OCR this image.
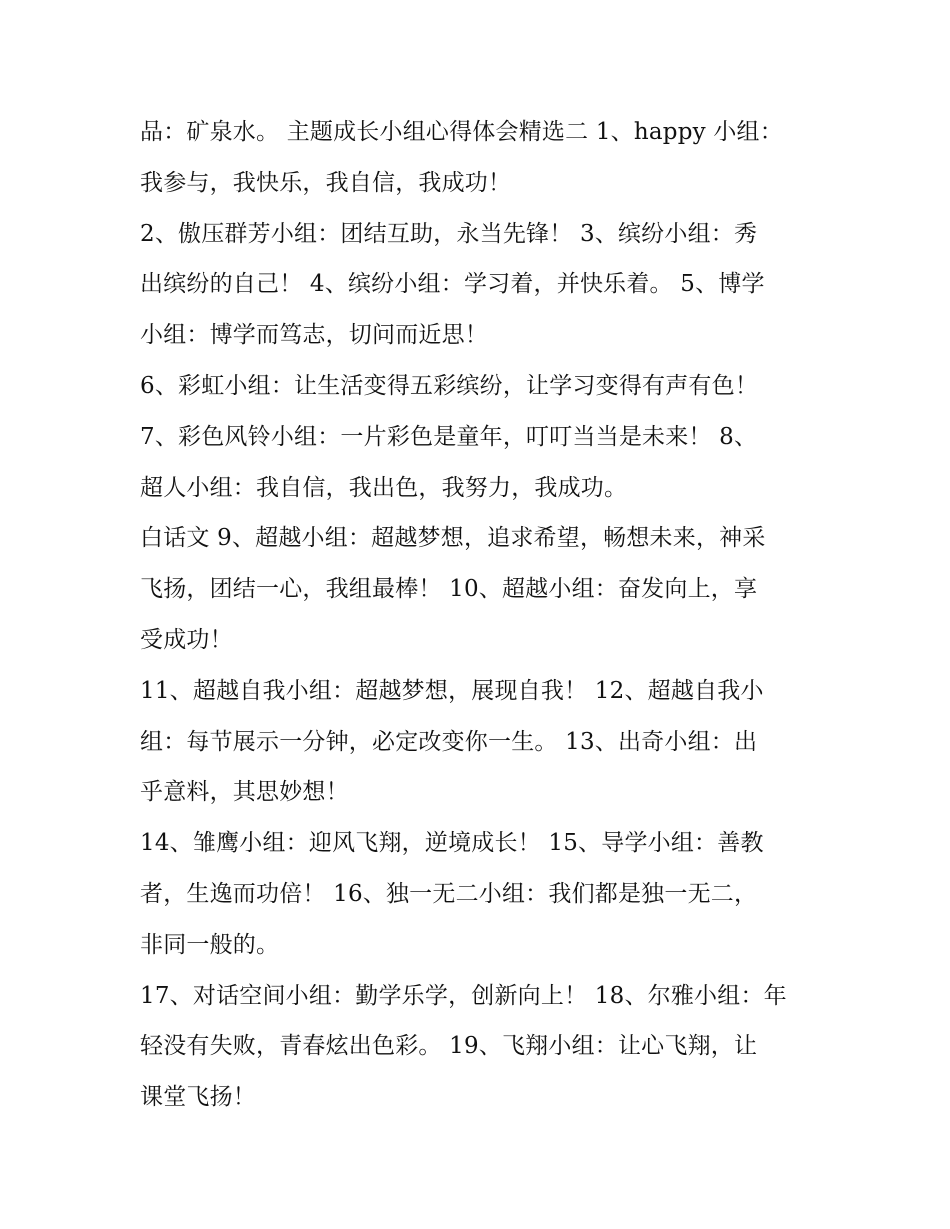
品：矿泉水。 主题成长小组心得体会精选二 1、happy 小组：
我参与，我快乐，我自信，我成功！

2、傲压群芳小组：团结互助，永当先锋！ 3、缤纷小组：秀
出缤纷的自己！ 4、缤纷小组：学习着，并快乐着。 5、博学
小组：博学而笃志，切问而近思！

6、彩虹小组：让生活变得五彩缤纷，让学习变得有声有色！

7、彩色风铃小组：一片彩色是童年，叮叮当当是未来！ 8、
超人小组：我自信，我出色，我努力，我成功。

白话文 9、超越小组：超越梦想，追求希望，畅想未来，神采
飞扬，团结一心，我组最棒！ 10、超越小组：奋发向上，享
受成功！

11、超越自我小组：超越梦想，展现自我！ 12、超越自我小
组：每节展示一分钟，必定改变你一生。 13、出奇小组：出
乎意料，其思妙想！

14、雏鹰小组：迎风飞翔，逆境成长！ 15、导学小组：善教
者，生逸而功倍！ 16、独一无二小组：我们都是独一无二，
非同一般的。

17、对话空间小组：勤学乐学，创新向上！ 18、尔雅小组：年
轻没有失败，青春炫出色彩。 19、飞翔小组：让心飞翔，让
课堂飞扬！
